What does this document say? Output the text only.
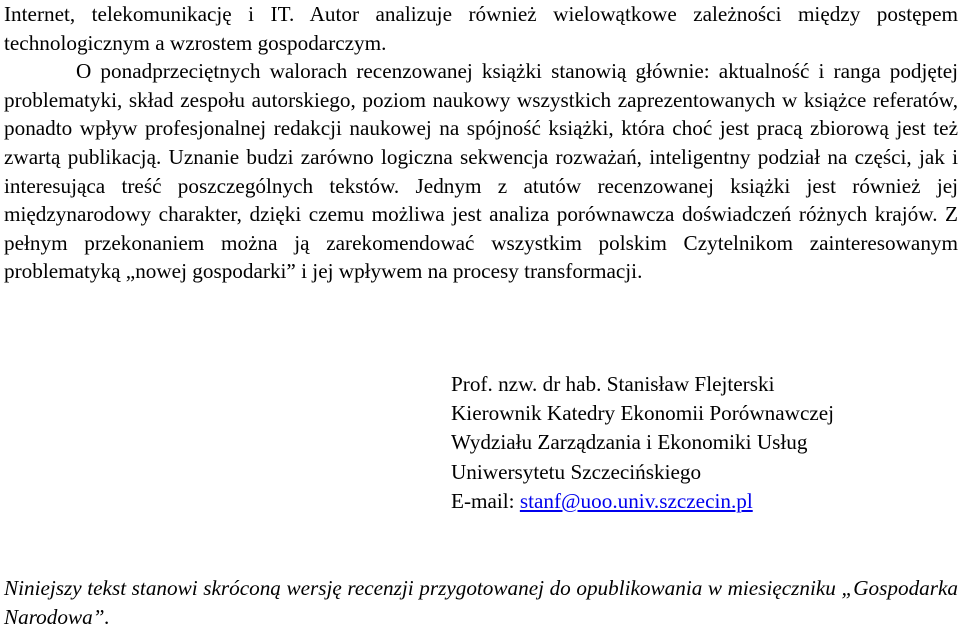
Internet, telekomunikację i IT. Autor analizuje również wielowątkowe zależności między postępem technologicznym a wzrostem gospodarczym.

O ponadprzeciętnych walorach recenzowanej książki stanowią głównie: aktualność i ranga podjętej problematyki, skład zespołu autorskiego, poziom naukowy wszystkich zaprezentowanych w książce referatów, ponadto wpływ profesjonalnej redakcji naukowej na spójność książki, która choć jest pracą zbiorową jest też zwartą publikacją. Uznanie budzi zarówno logiczna sekwencja rozważań, inteligentny podział na części, jak i interesująca treść poszczególnych tekstów. Jednym z atutów recenzowanej książki jest również jej międzynarodowy charakter, dzięki czemu możliwa jest analiza porównawcza doświadczeń różnych krajów. Z pełnym przekonaniem można ją zarekomendować wszystkim polskim Czytelnikom zainteresowanym problematyką „nowej gospodarki” i jej wpływem na procesy transformacji.

Prof. nzw. dr hab. Stanisław Flejterski
Kierownik Katedry Ekonomii Porównawczej
Wydziału Zarządzania i Ekonomiki Usług
Uniwersytetu Szczecińskiego
E-mail: stanf@uoo.univ.szczecin.pl

Niniejszy tekst stanowi skróconą wersję recenzji przygotowanej do opublikowania w miesięczniku „Gospodarka Narodowa”.
